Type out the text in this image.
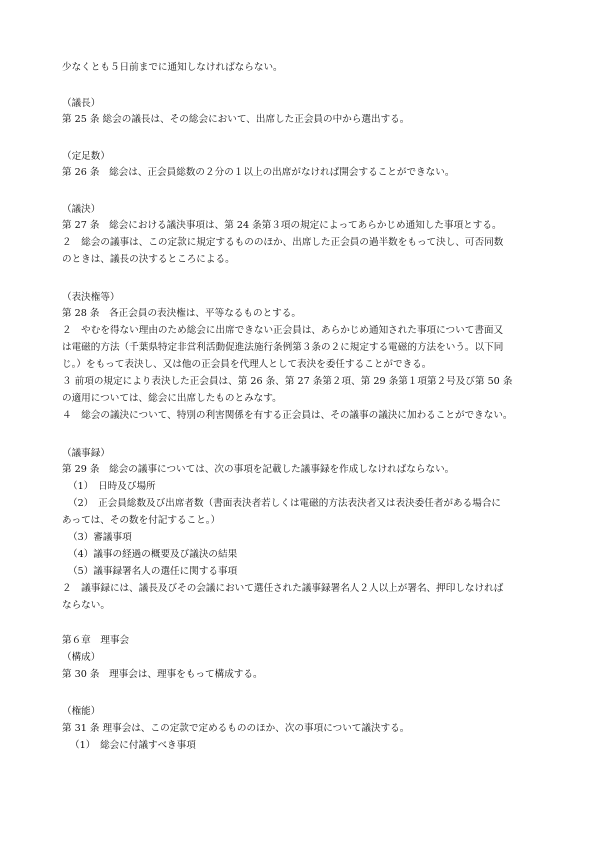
少なくとも５日前までに通知しなければならない。
（議長）
第 25 条 総会の議長は、その総会において、出席した正会員の中から選出する。
（定足数）
第 26 条　総会は、正会員総数の２分の１以上の出席がなければ開会することができない。
（議決）
第 27 条　総会における議決事項は、第 24 条第３項の規定によってあらかじめ通知した事項とする。
２　総会の議事は、この定款に規定するもののほか、出席した正会員の過半数をもって決し、可否同数
のときは、議長の決するところによる。
（表決権等）
第 28 条　各正会員の表決権は、平等なるものとする。
２　やむを得ない理由のため総会に出席できない正会員は、あらかじめ通知された事項について書面又
は電磁的方法（千葉県特定非営利活動促進法施行条例第３条の２に規定する電磁的方法をいう。以下同
じ。）をもって表決し、又は他の正会員を代理人として表決を委任することができる。
３ 前項の規定により表決した正会員は、第 26 条、第 27 条第２項、第 29 条第１項第２号及び第 50 条
の適用については、総会に出席したものとみなす。
４　総会の議決について、特別の利害関係を有する正会員は、その議事の議決に加わることができない。
（議事録）
第 29 条　総会の議事については、次の事項を記載した議事録を作成しなければならない。
（1）　日時及び場所
（2）　正会員総数及び出席者数（書面表決者若しくは電磁的方法表決者又は表決委任者がある場合に
あっては、その数を付記すること。）
（3）審議事項
（4）議事の経過の概要及び議決の結果
（5）議事録署名人の選任に関する事項
２　議事録には、議長及びその会議において選任された議事録署名人２人以上が署名、押印しなければ
ならない。
第６章　理事会
（構成）
第 30 条　理事会は、理事をもって構成する。
（権能）
第 31 条 理事会は、この定款で定めるもののほか、次の事項について議決する。
（1）　総会に付議すべき事項
